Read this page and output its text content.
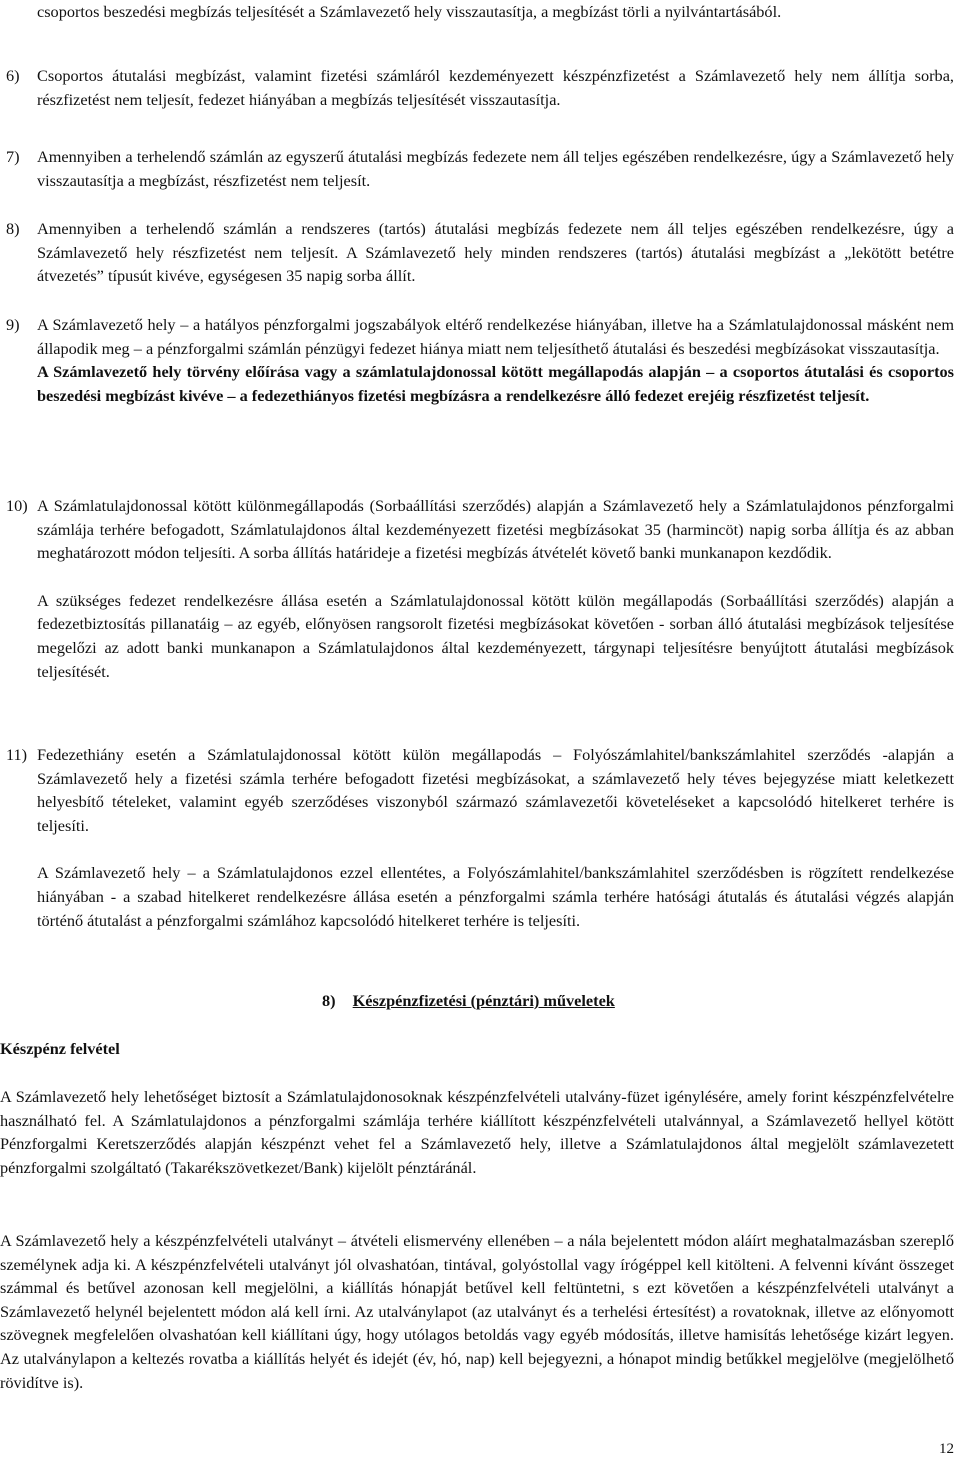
csoportos beszedési megbízás teljesítését a Számlavezető hely visszautasítja, a megbízást törli a nyilvántartásából.

6) Csoportos átutalási megbízást, valamint fizetési számláról kezdeményezett készpénzfizetést a Számlavezető hely nem állítja sorba, részfizetést nem teljesít, fedezet hiányában a megbízás teljesítését visszautasítja.

7) Amennyiben a terhelendő számlán az egyszerű átutalási megbízás fedezete nem áll teljes egészében rendelkezésre, úgy a Számlavezető hely visszautasítja a megbízást, részfizetést nem teljesít.

8) Amennyiben a terhelendő számlán a rendszeres (tartós) átutalási megbízás fedezete nem áll teljes egészében rendelkezésre, úgy a Számlavezető hely részfizetést nem teljesít. A Számlavezető hely minden rendszeres (tartós) átutalási megbízást a „lekötött betétre átvezetés” típusút kivéve, egységesen 35 napig sorba állít.

9) A Számlavezető hely – a hatályos pénzforgalmi jogszabályok eltérő rendelkezése hiányában, illetve ha a Számlatulajdonossal másként nem állapodik meg – a pénzforgalmi számlán pénzügyi fedezet hiánya miatt nem teljesíthető átutalási és beszedési megbízásokat visszautasítja.

A Számlavezető hely törvény előírása vagy a számlatulajdonossal kötött megállapodás alapján – a csoportos átutalási és csoportos beszedési megbízást kivéve – a fedezethiányos fizetési megbízásra a rendelkezésre álló fedezet erejéig részfizetést teljesít.

10) A Számlatulajdonossal kötött különmegállapodás (Sorbaállítási szerződés) alapján a Számlavezető hely a Számlatulajdonos pénzforgalmi számlája terhére befogadott, Számlatulajdonos által kezdeményezett fizetési megbízásokat 35 (harmincöt) napig sorba állítja és az abban meghatározott módon teljesíti. A sorba állítás határideje a fizetési megbízás átvételét követő banki munkanapon kezdődik.

A szükséges fedezet rendelkezésre állása esetén a Számlatulajdonossal kötött külön megállapodás (Sorbaállítási szerződés) alapján a fedezetbiztosítás pillanatáig – az egyéb, előnyösen rangsorolt fizetési megbízásokat követően - sorban álló átutalási megbízások teljesítése megelőzi az adott banki munkanapon a Számlatulajdonos által kezdeményezett, tárgynapi teljesítésre benyújtott átutalási megbízások teljesítését.

11) Fedezethiány esetén a Számlatulajdonossal kötött külön megállapodás – Folyószámlahitel/bankszámlahitel szerződés -alapján a Számlavezető hely a fizetési számla terhére befogadott fizetési megbízásokat, a számlavezető hely téves bejegyzése miatt keletkezett helyesbítő tételeket, valamint egyéb szerződéses viszonyból származó számlavezetői követeléseket a kapcsolódó hitelkeret terhére is teljesíti.

A Számlavezető hely – a Számlatulajdonos ezzel ellentétes, a Folyószámlahitel/bankszámlahitel szerződésben is rögzített rendelkezése hiányában - a szabad hitelkeret rendelkezésre állása esetén a pénzforgalmi számla terhére hatósági átutalás és átutalási végzés alapján történő átutalást a pénzforgalmi számlához kapcsolódó hitelkeret terhére is teljesíti.

8) Készpénzfizetési (pénztári) műveletek
Készpénz felvétel

A Számlavezető hely lehetőséget biztosít a Számlatulajdonosoknak készpénzfelvételi utalvány-füzet igénylésére, amely forint készpénzfelvételre használható fel. A Számlatulajdonos a pénzforgalmi számlája terhére kiállított készpénzfelvételi utalvánnyal, a Számlavezető hellyel kötött Pénzforgalmi Keretszerződés alapján készpénzt vehet fel a Számlavezető hely, illetve a Számlatulajdonos által megjelölt számlavezetett pénzforgalmi szolgáltató (Takarékszövetkezet/Bank) kijelölt pénztáránál.

A Számlavezető hely a készpénzfelvételi utalványt – átvételi elismervény ellenében – a nála bejelentett módon aláírt meghatalmazásban szereplő személynek adja ki. A készpénzfelvételi utalványt jól olvashatóan, tintával, golyóstollal vagy írógéppel kell kitölteni. A felvenni kívánt összeget számmal és betűvel azonosan kell megjelölni, a kiállítás hónapját betűvel kell feltüntetni, s ezt követően a készpénzfelvételi utalványt a Számlavezető helynél bejelentett módon alá kell írni. Az utalványlapot (az utalványt és a terhelési értesítést) a rovatoknak, illetve az előnyomott szövegnek megfelelően olvashatóan kell kiállítani úgy, hogy utólagos betoldás vagy egyéb módosítás, illetve hamisítás lehetősége kizárt legyen. Az utalványlapon a keltezés rovatba a kiállítás helyét és idejét (év, hó, nap) kell bejegyezni, a hónapot mindig betűkkel megjelölve (megjelölhető rövidítve is).

12
